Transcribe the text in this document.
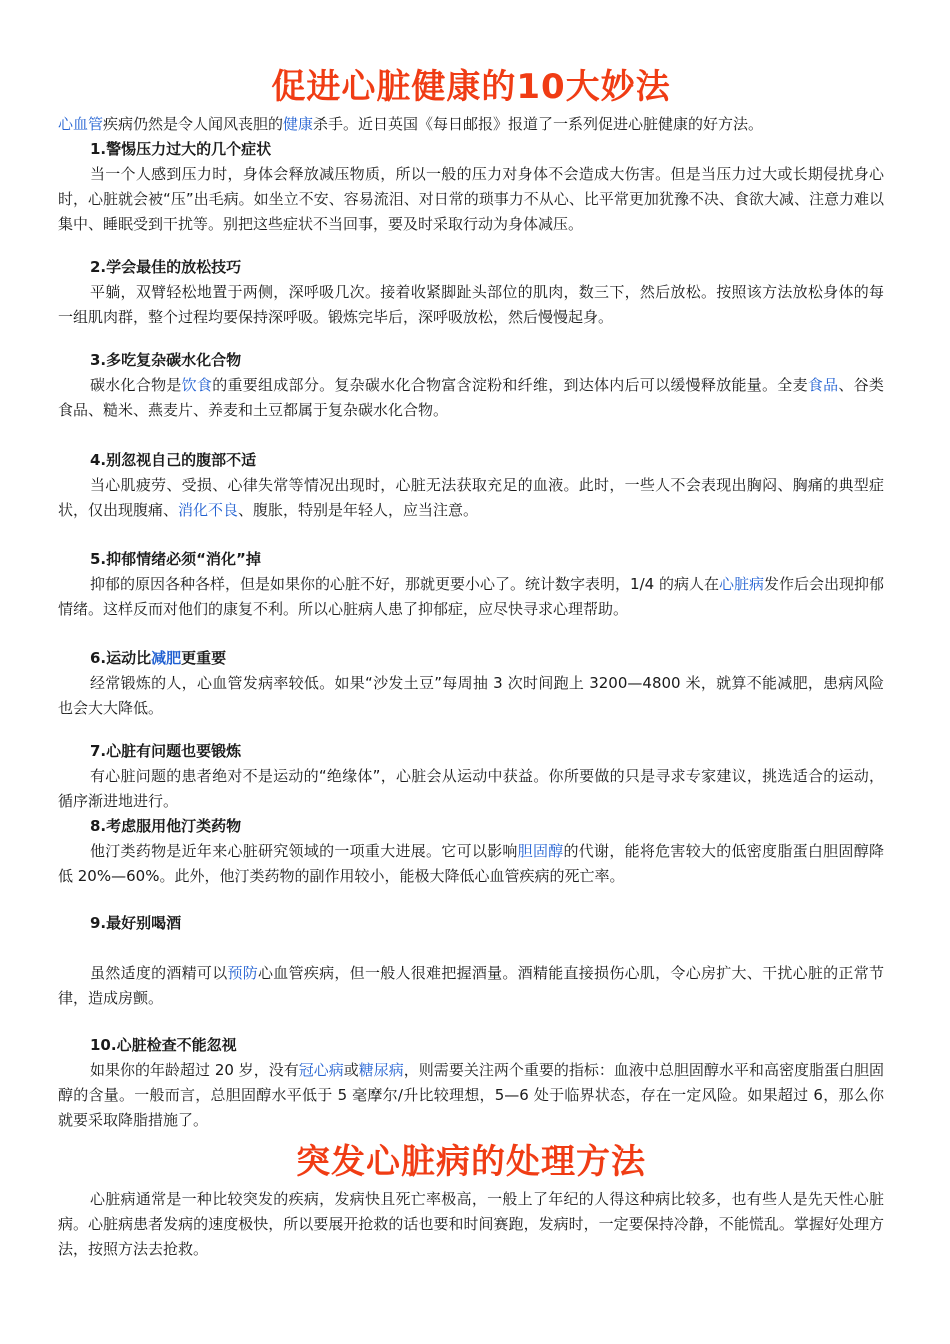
促进心脏健康的10大妙法

心血管疾病仍然是令人闻风丧胆的健康杀手。近日英国《每日邮报》报道了一系列促进心脏健康的好方法。

1.警惕压力过大的几个症状

当一个人感到压力时，身体会释放减压物质，所以一般的压力对身体不会造成大伤害。但是当压力过大或长期侵扰身心时，心脏就会被“压”出毛病。如坐立不安、容易流泪、对日常的琐事力不从心、比平常更加犹豫不决、食欲大减、注意力难以集中、睡眠受到干扰等。别把这些症状不当回事，要及时采取行动为身体减压。

2.学会最佳的放松技巧

平躺，双臂轻松地置于两侧，深呼吸几次。接着收紧脚趾头部位的肌肉，数三下，然后放松。按照该方法放松身体的每一组肌肉群，整个过程均要保持深呼吸。锻炼完毕后，深呼吸放松，然后慢慢起身。

3.多吃复杂碳水化合物

碳水化合物是饮食的重要组成部分。复杂碳水化合物富含淀粉和纤维，到达体内后可以缓慢释放能量。全麦食品、谷类食品、糙米、燕麦片、养麦和土豆都属于复杂碳水化合物。

4.别忽视自己的腹部不适

当心肌疲劳、受损、心律失常等情况出现时，心脏无法获取充足的血液。此时，一些人不会表现出胸闷、胸痛的典型症状，仅出现腹痛、消化不良、腹胀，特别是年轻人，应当注意。

5.抑郁情绪必须“消化”掉

抑郁的原因各种各样，但是如果你的心脏不好，那就更要小心了。统计数字表明，1/4 的病人在心脏病发作后会出现抑郁情绪。这样反而对他们的康复不利。所以心脏病人患了抑郁症，应尽快寻求心理帮助。

6.运动比减肥更重要

经常锻炼的人，心血管发病率较低。如果“沙发土豆”每周抽 3 次时间跑上 3200—4800 米，就算不能减肥，患病风险也会大大降低。

7.心脏有问题也要锻炼

有心脏问题的患者绝对不是运动的“绝缘体”，心脏会从运动中获益。你所要做的只是寻求专家建议，挑选适合的运动，循序渐进地进行。

8.考虑服用他汀类药物

他汀类药物是近年来心脏研究领域的一项重大进展。它可以影响胆固醇的代谢，能将危害较大的低密度脂蛋白胆固醇降低 20%—60%。此外，他汀类药物的副作用较小，能极大降低心血管疾病的死亡率。

9.最好别喝酒

虽然适度的酒精可以预防心血管疾病，但一般人很难把握酒量。酒精能直接损伤心肌，令心房扩大、干扰心脏的正常节律，造成房颤。

10.心脏检查不能忽视

如果你的年龄超过 20 岁，没有冠心病或糖尿病，则需要关注两个重要的指标：血液中总胆固醇水平和高密度脂蛋白胆固醇的含量。一般而言，总胆固醇水平低于 5 毫摩尔/升比较理想，5—6 处于临界状态，存在一定风险。如果超过 6，那么你就要采取降脂措施了。

突发心脏病的处理方法

心脏病通常是一种比较突发的疾病，发病快且死亡率极高，一般上了年纪的人得这种病比较多，也有些人是先天性心脏病。心脏病患者发病的速度极快，所以要展开抢救的话也要和时间赛跑，发病时，一定要保持冷静，不能慌乱。掌握好处理方法，按照方法去抢救。
